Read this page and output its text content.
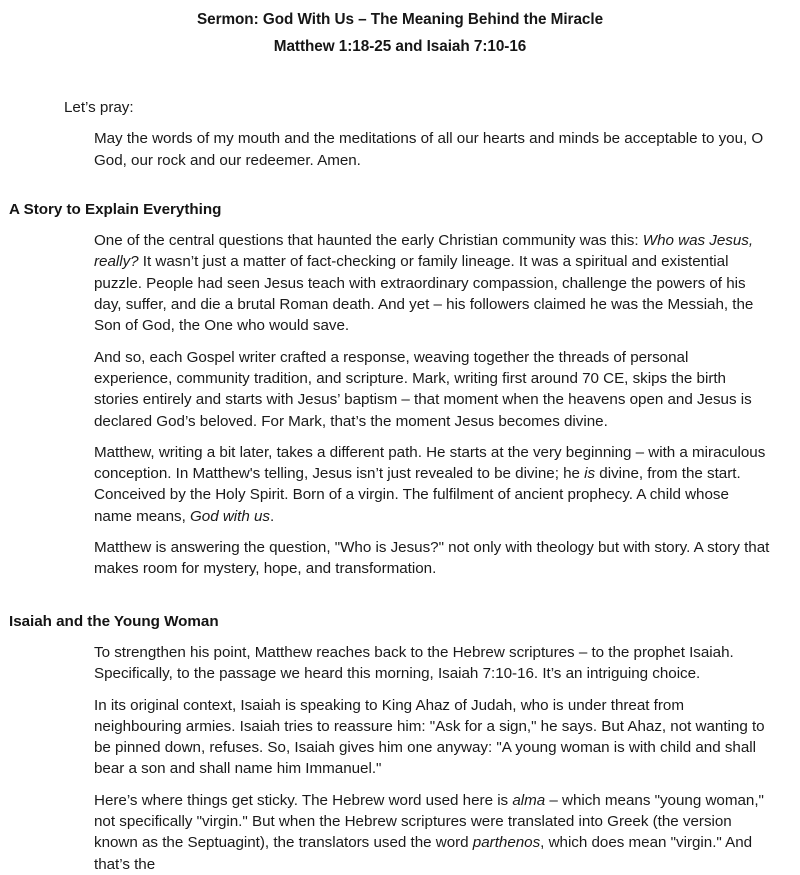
Sermon: God With Us – The Meaning Behind the Miracle
Matthew 1:18-25 and Isaiah 7:10-16

Let’s pray:

May the words of my mouth and the meditations of all our hearts and minds be acceptable to you, O God, our rock and our redeemer. Amen.

A Story to Explain Everything

One of the central questions that haunted the early Christian community was this: Who was Jesus, really? It wasn’t just a matter of fact-checking or family lineage. It was a spiritual and existential puzzle. People had seen Jesus teach with extraordinary compassion, challenge the powers of his day, suffer, and die a brutal Roman death. And yet – his followers claimed he was the Messiah, the Son of God, the One who would save.

And so, each Gospel writer crafted a response, weaving together the threads of personal experience, community tradition, and scripture. Mark, writing first around 70 CE, skips the birth stories entirely and starts with Jesus’ baptism – that moment when the heavens open and Jesus is declared God’s beloved. For Mark, that’s the moment Jesus becomes divine.

Matthew, writing a bit later, takes a different path. He starts at the very beginning – with a miraculous conception. In Matthew's telling, Jesus isn’t just revealed to be divine; he is divine, from the start. Conceived by the Holy Spirit. Born of a virgin. The fulfilment of ancient prophecy. A child whose name means, God with us.

Matthew is answering the question, "Who is Jesus?" not only with theology but with story. A story that makes room for mystery, hope, and transformation.

Isaiah and the Young Woman

To strengthen his point, Matthew reaches back to the Hebrew scriptures – to the prophet Isaiah. Specifically, to the passage we heard this morning, Isaiah 7:10-16. It’s an intriguing choice.

In its original context, Isaiah is speaking to King Ahaz of Judah, who is under threat from neighbouring armies. Isaiah tries to reassure him: "Ask for a sign," he says. But Ahaz, not wanting to be pinned down, refuses. So, Isaiah gives him one anyway: "A young woman is with child and shall bear a son and shall name him Immanuel."

Here’s where things get sticky. The Hebrew word used here is alma – which means "young woman," not specifically "virgin." But when the Hebrew scriptures were translated into Greek (the version known as the Septuagint), the translators used the word parthenos, which does mean "virgin." And that’s the
